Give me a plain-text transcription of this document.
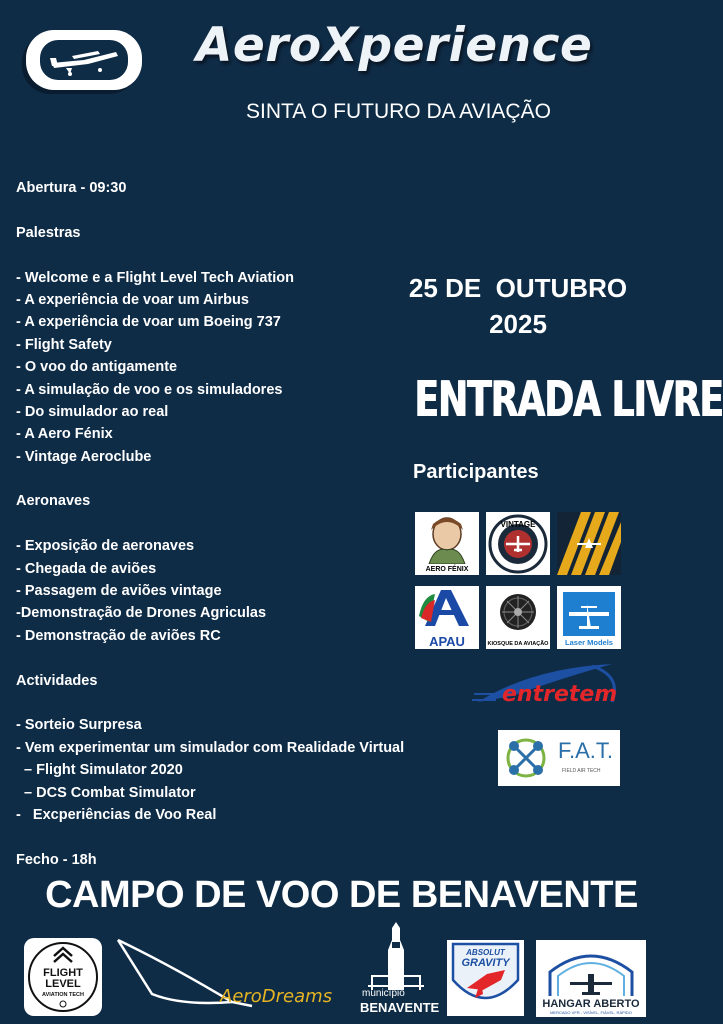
AeroXperience
SINTA O FUTURO DA AVIAÇÃO
Abertura - 09:30
Palestras
- Welcome e a Flight Level Tech Aviation
- A experiência de voar um Airbus
- A experiência de voar um Boeing 737
- Flight Safety
- O voo do antigamente
- A simulação de voo e os simuladores
- Do simulador ao real
- A Aero Fénix
- Vintage Aeroclube
Aeronaves
- Exposição de aeronaves
- Chegada de aviões
- Passagem de aviões vintage
-Demonstração de Drones Agriculas
- Demonstração de aviões RC
Actividades
- Sorteio Surpresa
- Vem experimentar um simulador com Realidade Virtual
– Flight Simulator 2020
– DCS Combat Simulator
-   Excperiências de Voo Real
Fecho - 18h
25 DE  OUTUBRO
2025
ENTRADA LIVRE
Participantes
AERO FÉNIX
VINTAGE
APAU	KIOSQUE DA AVIAÇÃO	Laser Models
entretem
F.A.T.
FIELD AIR TECH
CAMPO DE VOO DE BENAVENTE
FLIGHT LEVEL
AVIATION TECH	AeroDreams	município
BENAVENTE
ABSOLUT
GRAVITY
HANGAR ABERTO
MERCADO VFR - VISÍVEL, FIÁVEL, RÁPIDO
